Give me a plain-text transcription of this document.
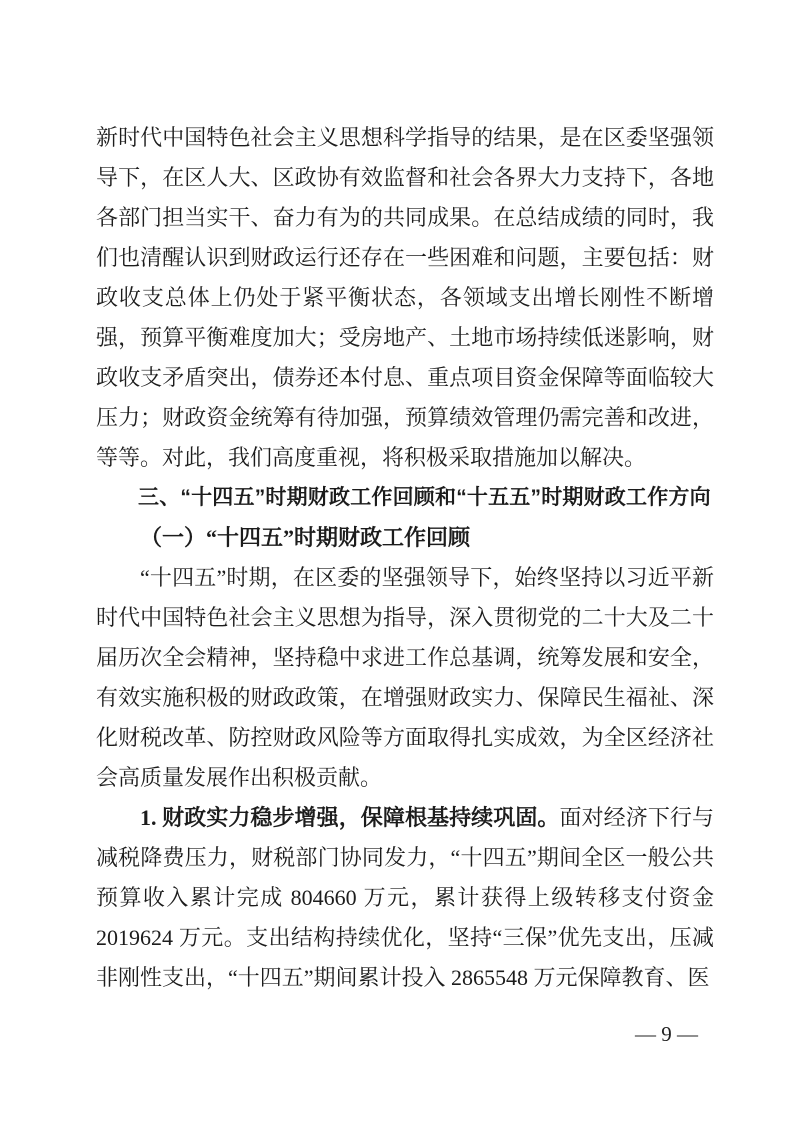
新时代中国特色社会主义思想科学指导的结果，是在区委坚强领导下，在区人大、区政协有效监督和社会各界大力支持下，各地各部门担当实干、奋力有为的共同成果。在总结成绩的同时，我们也清醒认识到财政运行还存在一些困难和问题，主要包括：财政收支总体上仍处于紧平衡状态，各领域支出增长刚性不断增强，预算平衡难度加大；受房地产、土地市场持续低迷影响，财政收支矛盾突出，债券还本付息、重点项目资金保障等面临较大压力；财政资金统筹有待加强，预算绩效管理仍需完善和改进，等等。对此，我们高度重视，将积极采取措施加以解决。

三、“十四五”时期财政工作回顾和“十五五”时期财政工作方向
（一）“十四五”时期财政工作回顾

“十四五”时期，在区委的坚强领导下，始终坚持以习近平新时代中国特色社会主义思想为指导，深入贯彻党的二十大及二十届历次全会精神，坚持稳中求进工作总基调，统筹发展和安全，有效实施积极的财政政策，在增强财政实力、保障民生福祉、深化财税改革、防控财政风险等方面取得扎实成效，为全区经济社会高质量发展作出积极贡献。

1. 财政实力稳步增强，保障根基持续巩固。面对经济下行与减税降费压力，财税部门协同发力，“十四五”期间全区一般公共预算收入累计完成 804660 万元，累计获得上级转移支付资金 2019624 万元。支出结构持续优化，坚持“三保”优先支出，压减非刚性支出，“十四五”期间累计投入 2865548 万元保障教育、医

— 9 —
